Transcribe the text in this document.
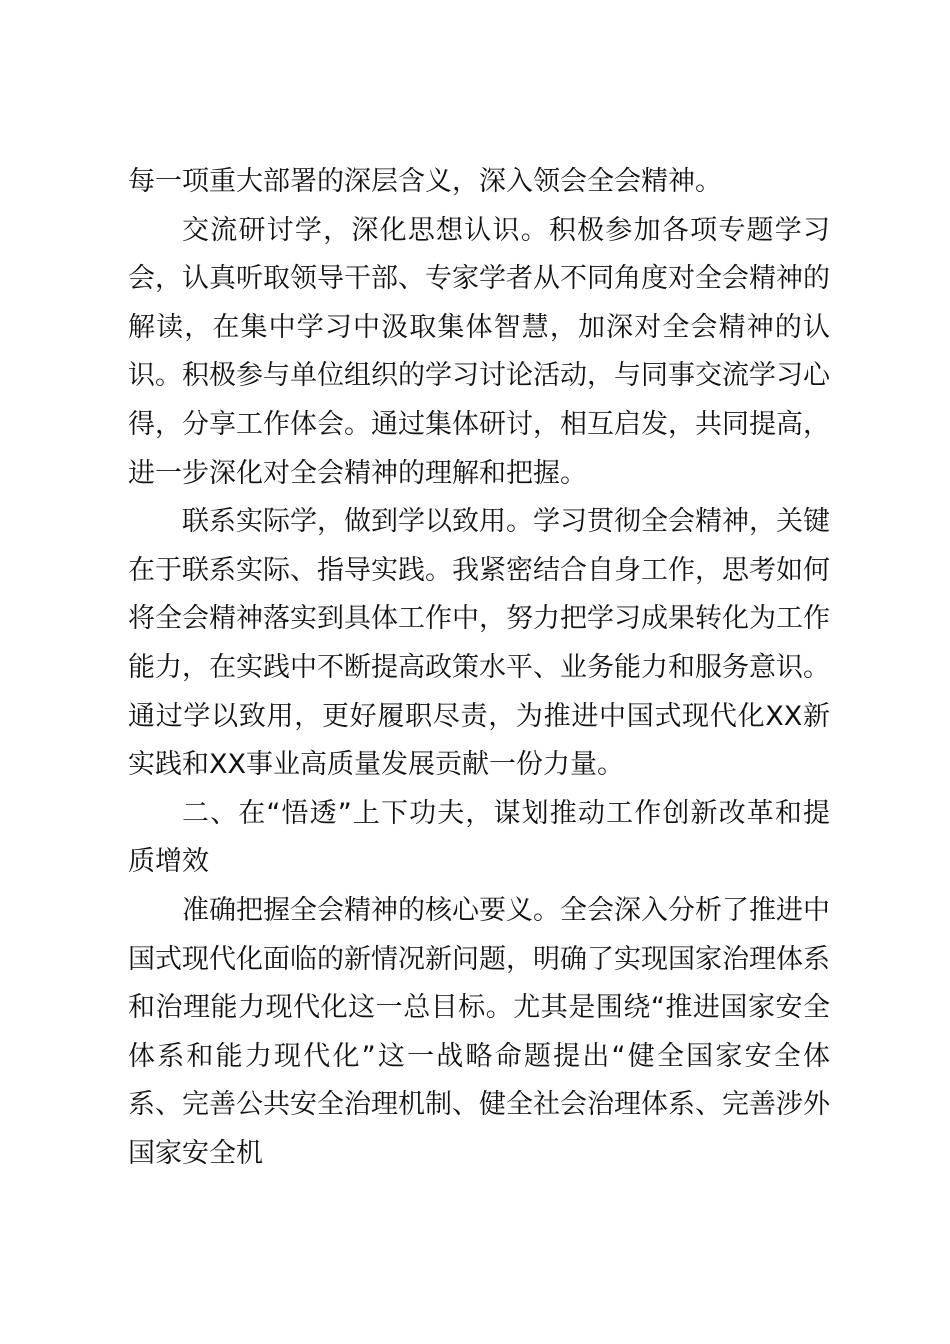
每一项重大部署的深层含义，深入领会全会精神。

交流研讨学，深化思想认识。积极参加各项专题学习会，认真听取领导干部、专家学者从不同角度对全会精神的解读，在集中学习中汲取集体智慧，加深对全会精神的认识。积极参与单位组织的学习讨论活动，与同事交流学习心得，分享工作体会。通过集体研讨，相互启发，共同提高，进一步深化对全会精神的理解和把握。

联系实际学，做到学以致用。学习贯彻全会精神，关键在于联系实际、指导实践。我紧密结合自身工作，思考如何将全会精神落实到具体工作中，努力把学习成果转化为工作能力，在实践中不断提高政策水平、业务能力和服务意识。通过学以致用，更好履职尽责，为推进中国式现代化XX新实践和XX事业高质量发展贡献一份力量。

二、在“悟透”上下功夫，谋划推动工作创新改革和提质增效

准确把握全会精神的核心要义。全会深入分析了推进中国式现代化面临的新情况新问题，明确了实现国家治理体系和治理能力现代化这一总目标。尤其是围绕“推进国家安全体系和能力现代化”这一战略命题提出“健全国家安全体系、完善公共安全治理机制、健全社会治理体系、完善涉外国家安全机
